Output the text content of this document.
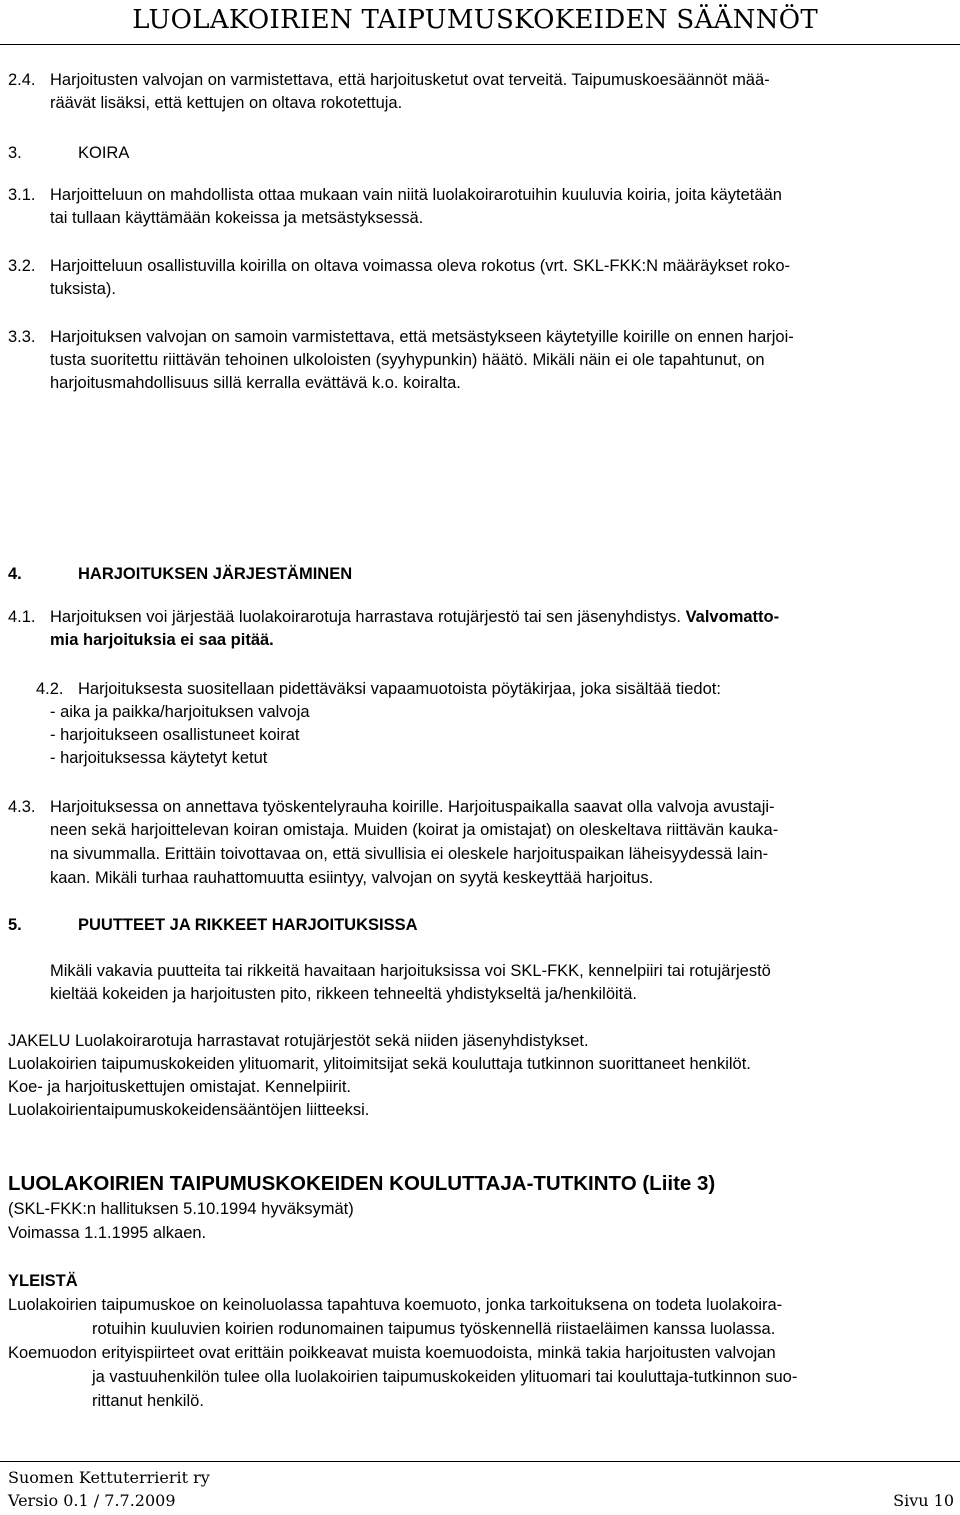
LUOLAKOIRIEN TAIPUMUSKOKEIDEN SÄÄNNÖT
2.4. Harjoitusten valvojan on varmistettava, että harjoitusketut ovat terveitä. Taipumuskoesäännöt mää-
räävät lisäksi, että kettujen on oltava rokotettuja.
3.	KOIRA
3.1. Harjoitteluun on mahdollista ottaa mukaan vain niitä luolakoirarotuihin kuuluvia koiria, joita käytetään
tai tullaan käyttämään kokeissa ja metsästyksessä.
3.2. Harjoitteluun osallistuvilla koirilla on oltava voimassa oleva rokotus (vrt. SKL-FKK:N määräykset roko-
tuksista).
3.3. Harjoituksen valvojan on samoin varmistettava, että metsästykseen käytetyille koirille on ennen harjoi-
tusta suoritettu riittävän tehoinen ulkoloisten (syyhypunkin) häätö. Mikäli näin ei ole tapahtunut, on
harjoitusmahdollisuus sillä kerralla evättävä k.o. koiralta.
4.	HARJOITUKSEN JÄRJESTÄMINEN
4.1. Harjoituksen voi järjestää luolakoirarotuja harrastava rotujärjestö tai sen jäsenyhdistys. Valvomatto-
mia harjoituksia ei saa pitää.
4.2. Harjoituksesta suositellaan pidettäväksi vapaamuotoista pöytäkirjaa, joka sisältää tiedot:
- aika ja paikka/harjoituksen valvoja
- harjoitukseen osallistuneet koirat
- harjoituksessa käytetyt ketut
4.3. Harjoituksessa on annettava työskentelyrauha koirille. Harjoituspaikalla saavat olla valvoja avustaji-
neen sekä harjoittelevan koiran omistaja. Muiden (koirat ja omistajat) on oleskeltava riittävän kauka-
na sivummalla. Erittäin toivottavaa on, että sivullisia ei oleskele harjoituspaikan läheisyydessä lain-
kaan. Mikäli turhaa rauhattomuutta esiintyy, valvojan on syytä keskeyttää harjoitus.
5.	PUUTTEET JA RIKKEET HARJOITUKSISSA
Mikäli vakavia puutteita tai rikkeitä havaitaan harjoituksissa voi SKL-FKK, kennelpiiri tai rotujärjestö
kieltää kokeiden ja harjoitusten pito, rikkeen tehneeltä yhdistykseltä ja/henkilöitä.
JAKELU Luolakoirarotuja harrastavat rotujärjestöt sekä niiden jäsenyhdistykset.
Luolakoirien taipumuskokeiden ylituomarit, ylitoimitsijat sekä kouluttaja tutkinnon suorittaneet henkilöt.
Koe- ja harjoituskettujen omistajat. Kennelpiirit.
Luolakoirientaipumuskokeidensääntöjen liitteeksi.
LUOLAKOIRIEN TAIPUMUSKOKEIDEN KOULUTTAJA-TUTKINTO (Liite 3)
(SKL-FKK:n hallituksen 5.10.1994 hyväksymät)
Voimassa 1.1.1995 alkaen.
YLEISTÄ
Luolakoirien taipumuskoe on keinoluolassa tapahtuva koemuoto, jonka tarkoituksena on todeta luolakoira-
rotuihin kuuluvien koirien rodunomainen taipumus työskennellä riistaeläimen kanssa luolassa.
Koemuodon erityispiirteet ovat erittäin poikkeavat muista koemuodoista, minkä takia harjoitusten valvojan
ja vastuuhenkilön tulee olla luolakoirien taipumuskokeiden ylituomari tai kouluttaja-tutkinnon suo-
rittanut henkilö.
Suomen Kettuterrierit ry
Versio 0.1 / 7.7.2009	Sivu 10
